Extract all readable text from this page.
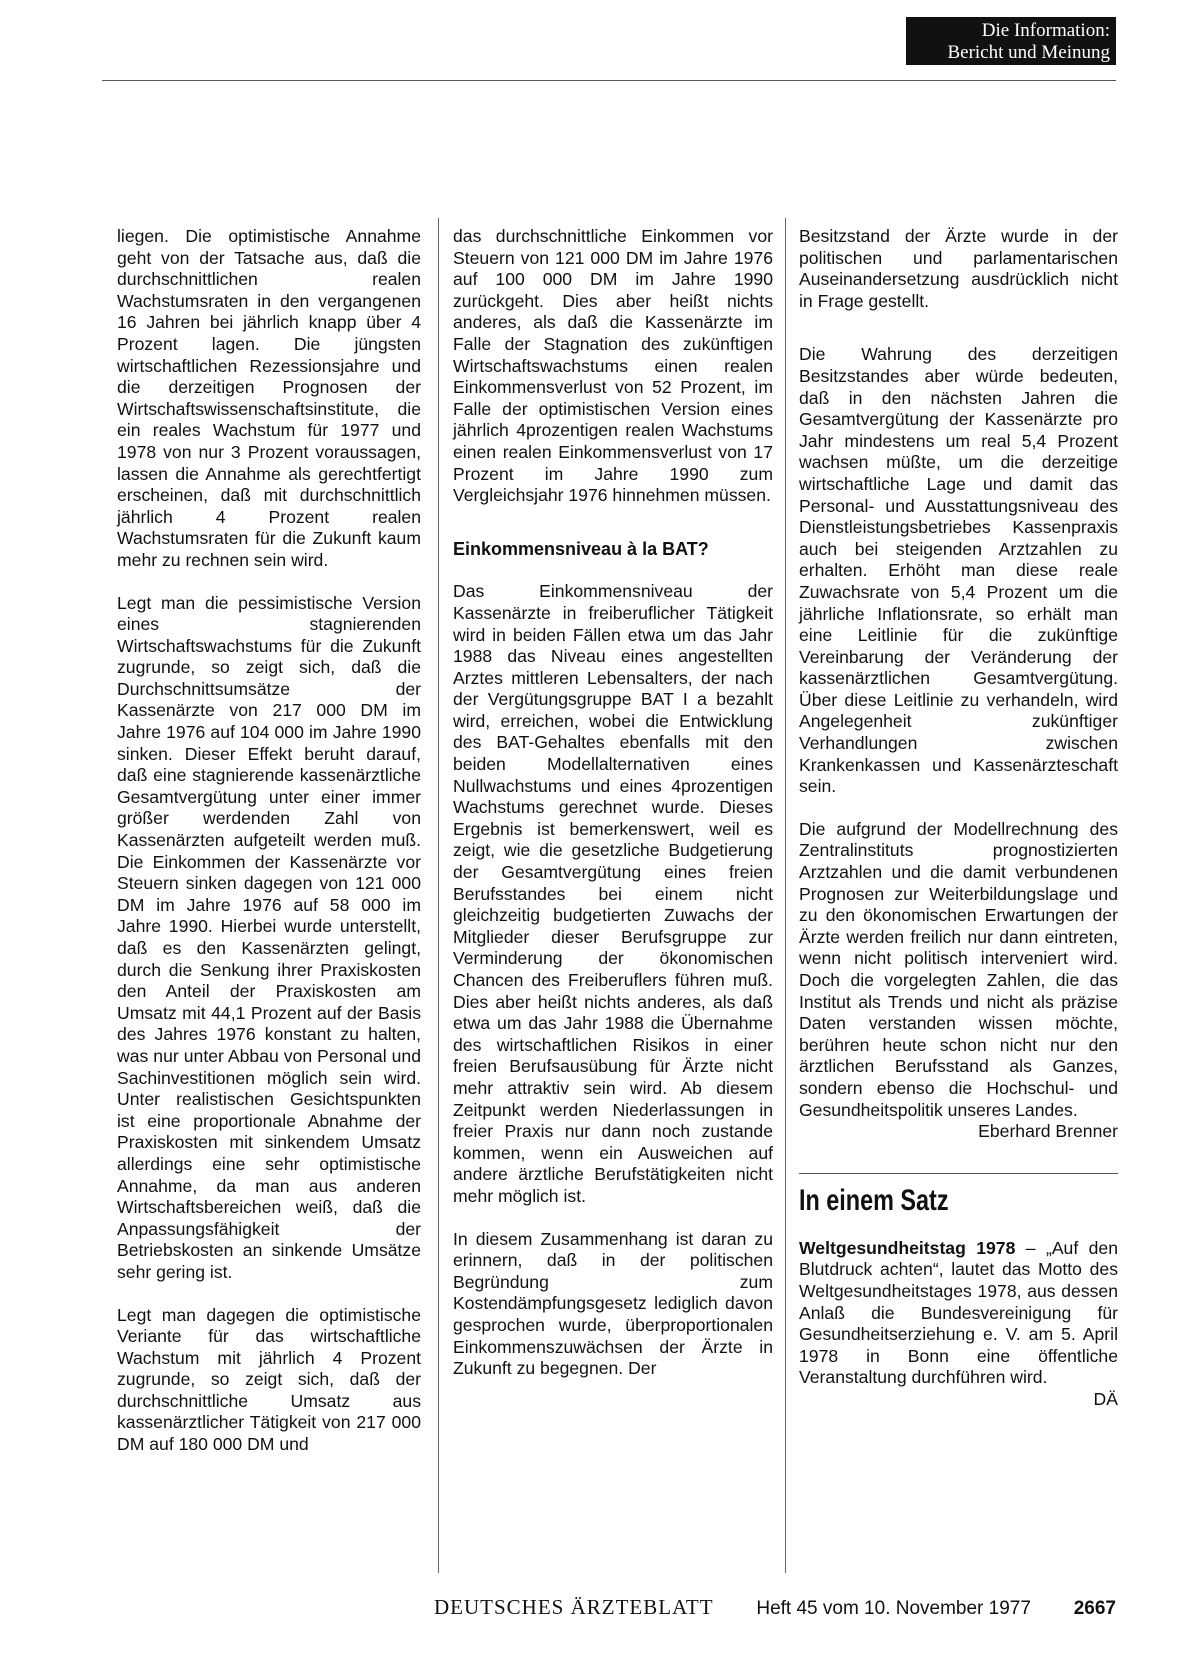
Die Information:
Bericht und Meinung

liegen. Die optimistische Annahme geht von der Tatsache aus, daß die durchschnittlichen realen Wachstumsraten in den vergangenen 16 Jahren bei jährlich knapp über 4 Prozent lagen. Die jüngsten wirtschaftlichen Rezessionsjahre und die derzeitigen Prognosen der Wirtschaftswissenschaftsinstitute, die ein reales Wachstum für 1977 und 1978 von nur 3 Prozent voraussagen, lassen die Annahme als gerechtfertigt erscheinen, daß mit durchschnittlich jährlich 4 Prozent realen Wachstumsraten für die Zukunft kaum mehr zu rechnen sein wird.

Legt man die pessimistische Version eines stagnierenden Wirtschaftswachstums für die Zukunft zugrunde, so zeigt sich, daß die Durchschnittsumsätze der Kassenärzte von 217 000 DM im Jahre 1976 auf 104 000 im Jahre 1990 sinken. Dieser Effekt beruht darauf, daß eine stagnierende kassenärztliche Gesamtvergütung unter einer immer größer werdenden Zahl von Kassenärzten aufgeteilt werden muß. Die Einkommen der Kassenärzte vor Steuern sinken dagegen von 121 000 DM im Jahre 1976 auf 58 000 im Jahre 1990. Hierbei wurde unterstellt, daß es den Kassenärzten gelingt, durch die Senkung ihrer Praxiskosten den Anteil der Praxiskosten am Umsatz mit 44,1 Prozent auf der Basis des Jahres 1976 konstant zu halten, was nur unter Abbau von Personal und Sachinvestitionen möglich sein wird. Unter realistischen Gesichtspunkten ist eine proportionale Abnahme der Praxiskosten mit sinkendem Umsatz allerdings eine sehr optimistische Annahme, da man aus anderen Wirtschaftsbereichen weiß, daß die Anpassungsfähigkeit der Betriebskosten an sinkende Umsätze sehr gering ist.

Legt man dagegen die optimistische Veriante für das wirtschaftliche Wachstum mit jährlich 4 Prozent zugrunde, so zeigt sich, daß der durchschnittliche Umsatz aus kassenärztlicher Tätigkeit von 217 000 DM auf 180 000 DM und

das durchschnittliche Einkommen vor Steuern von 121 000 DM im Jahre 1976 auf 100 000 DM im Jahre 1990 zurückgeht. Dies aber heißt nichts anderes, als daß die Kassenärzte im Falle der Stagnation des zukünftigen Wirtschaftswachstums einen realen Einkommensverlust von 52 Prozent, im Falle der optimistischen Version eines jährlich 4prozentigen realen Wachstums einen realen Einkommensverlust von 17 Prozent im Jahre 1990 zum Vergleichsjahr 1976 hinnehmen müssen.

Einkommensniveau à la BAT?

Das Einkommensniveau der Kassenärzte in freiberuflicher Tätigkeit wird in beiden Fällen etwa um das Jahr 1988 das Niveau eines angestellten Arztes mittleren Lebensalters, der nach der Vergütungsgruppe BAT I a bezahlt wird, erreichen, wobei die Entwicklung des BAT-Gehaltes ebenfalls mit den beiden Modellalternativen eines Nullwachstums und eines 4prozentigen Wachstums gerechnet wurde. Dieses Ergebnis ist bemerkenswert, weil es zeigt, wie die gesetzliche Budgetierung der Gesamtvergütung eines freien Berufsstandes bei einem nicht gleichzeitig budgetierten Zuwachs der Mitglieder dieser Berufsgruppe zur Verminderung der ökonomischen Chancen des Freiberuflers führen muß. Dies aber heißt nichts anderes, als daß etwa um das Jahr 1988 die Übernahme des wirtschaftlichen Risikos in einer freien Berufsausübung für Ärzte nicht mehr attraktiv sein wird. Ab diesem Zeitpunkt werden Niederlassungen in freier Praxis nur dann noch zustande kommen, wenn ein Ausweichen auf andere ärztliche Berufstätigkeiten nicht mehr möglich ist.

In diesem Zusammenhang ist daran zu erinnern, daß in der politischen Begründung zum Kostendämpfungsgesetz lediglich davon gesprochen wurde, überproportionalen Einkommenszuwächsen der Ärzte in Zukunft zu begegnen. Der

Besitzstand der Ärzte wurde in der politischen und parlamentarischen Auseinandersetzung ausdrücklich nicht in Frage gestellt.

Die Wahrung des derzeitigen Besitzstandes aber würde bedeuten, daß in den nächsten Jahren die Gesamtvergütung der Kassenärzte pro Jahr mindestens um real 5,4 Prozent wachsen müßte, um die derzeitige wirtschaftliche Lage und damit das Personal- und Ausstattungsniveau des Dienstleistungsbetriebes Kassenpraxis auch bei steigenden Arztzahlen zu erhalten. Erhöht man diese reale Zuwachsrate von 5,4 Prozent um die jährliche Inflationsrate, so erhält man eine Leitlinie für die zukünftige Vereinbarung der Veränderung der kassenärztlichen Gesamtvergütung. Über diese Leitlinie zu verhandeln, wird Angelegenheit zukünftiger Verhandlungen zwischen Krankenkassen und Kassenärzteschaft sein.

Die aufgrund der Modellrechnung des Zentralinstituts prognostizierten Arztzahlen und die damit verbundenen Prognosen zur Weiterbildungslage und zu den ökonomischen Erwartungen der Ärzte werden freilich nur dann eintreten, wenn nicht politisch interveniert wird. Doch die vorgelegten Zahlen, die das Institut als Trends und nicht als präzise Daten verstanden wissen möchte, berühren heute schon nicht nur den ärztlichen Berufsstand als Ganzes, sondern ebenso die Hochschul- und Gesundheitspolitik unseres Landes.

Eberhard Brenner
In einem Satz

Weltgesundheitstag 1978 – „Auf den Blutdruck achten“, lautet das Motto des Weltgesundheitstages 1978, aus dessen Anlaß die Bundesvereinigung für Gesundheitserziehung e. V. am 5. April 1978 in Bonn eine öffentliche Veranstaltung durchführen wird.

DÄ
DEUTSCHES ÄRZTEBLATT Heft 45 vom 10. November 1977 2667
